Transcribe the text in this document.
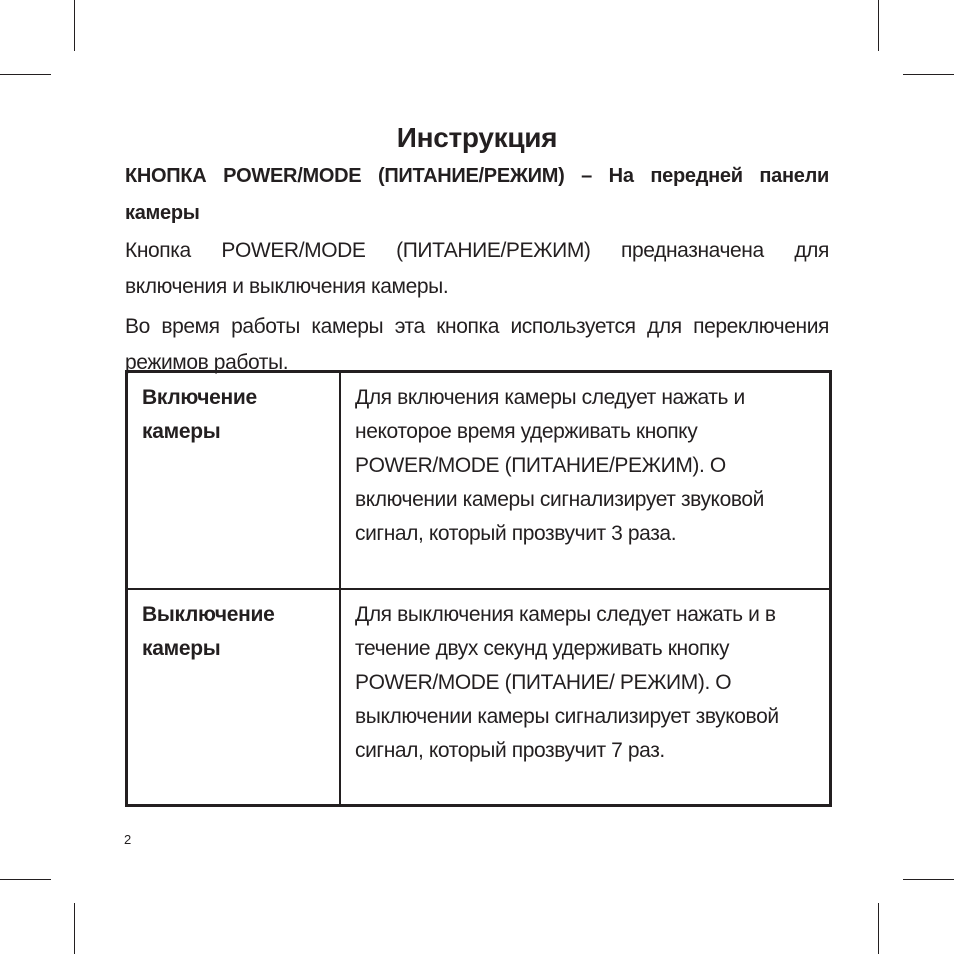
Инструкция

КНОПКА POWER/MODE (ПИТАНИЕ/РЕЖИМ) – На передней панели камеры

Кнопка POWER/MODE (ПИТАНИЕ/РЕЖИМ) предназначена для включения и выключения камеры.

Во время работы камеры эта кнопка используется для переключения режимов работы.

Включение камеры	Для включения камеры следует нажать и некоторое время удерживать кнопку POWER/MODE (ПИТАНИЕ/РЕЖИМ). О включении камеры сигнализирует звуковой сигнал, который прозвучит 3 раза.
Выключение камеры	Для выключения камеры следует нажать и в течение двух секунд удерживать кнопку POWER/MODE (ПИТАНИЕ/ РЕЖИМ). О выключении камеры сигнализирует звуковой сигнал, который прозвучит 7 раз.
2
